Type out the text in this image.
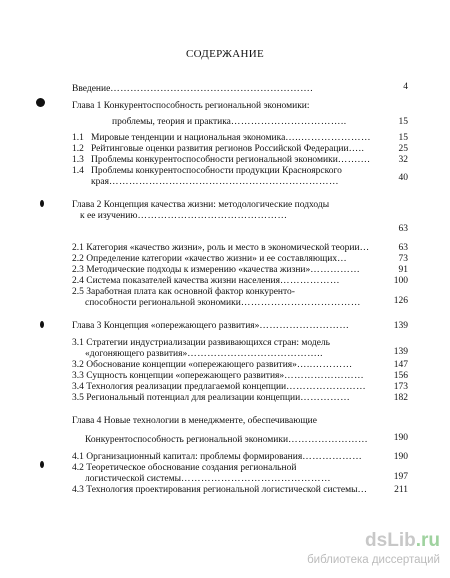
СОДЕРЖАНИЕ
Введение…………………………………………………….	4
Глава 1 Конкурентоспособность региональной экономики:
проблемы, теория и практика……………………………..	15
1.1 Мировые тенденции и национальная экономика…..…………………	15
1.2 Рейтинговые оценки развития регионов Российской Федерации…..	25
1.3 Проблемы конкурентоспособности региональной экономики…….…	32
1.4 Проблемы конкурентоспособности продукции Красноярского
края……………………………………………………………	40
Глава 2 Концепция качества жизни: методологические подходы
к ее изучению………………………………………
63
2.1 Категория «качество жизни», роль и место в экономической теории…	63
2.2 Определение категории «качество жизни» и ее составляющих…	73
2.3 Методические подходы к измерению «качества жизни»……………	91
2.4 Система показателей качества жизни населения………………	100
2.5 Заработная плата как основной фактор конкуренто-
способности региональной экономики………………………………	126
Глава 3 Концепция «опережающего развития»………………………	139
3.1 Стратегии индустриализации развивающихся стран: модель
«догоняющего развития»…………………………………..	139
3.2 Обоснование концепции «опережающего развития»…..…………	147
3.3 Сущность концепции «опережающего развития»……………………	156
3.4 Технология реализации предлагаемой концепции……………………	173
3.5 Региональный потенциал для реализации концепции……………	182
Глава 4 Новые технологии в менеджменте, обеспечивающие
Конкурентоспособность региональной экономики……………………	190
4.1 Организационный капитал: проблемы формирования………………	190
4.2 Теоретическое обоснование создания региональной
логистической системы………………………………………	197
4.3 Технология проектирования региональной логистической системы…	211
dsLib.ru
библиотека диссертаций
